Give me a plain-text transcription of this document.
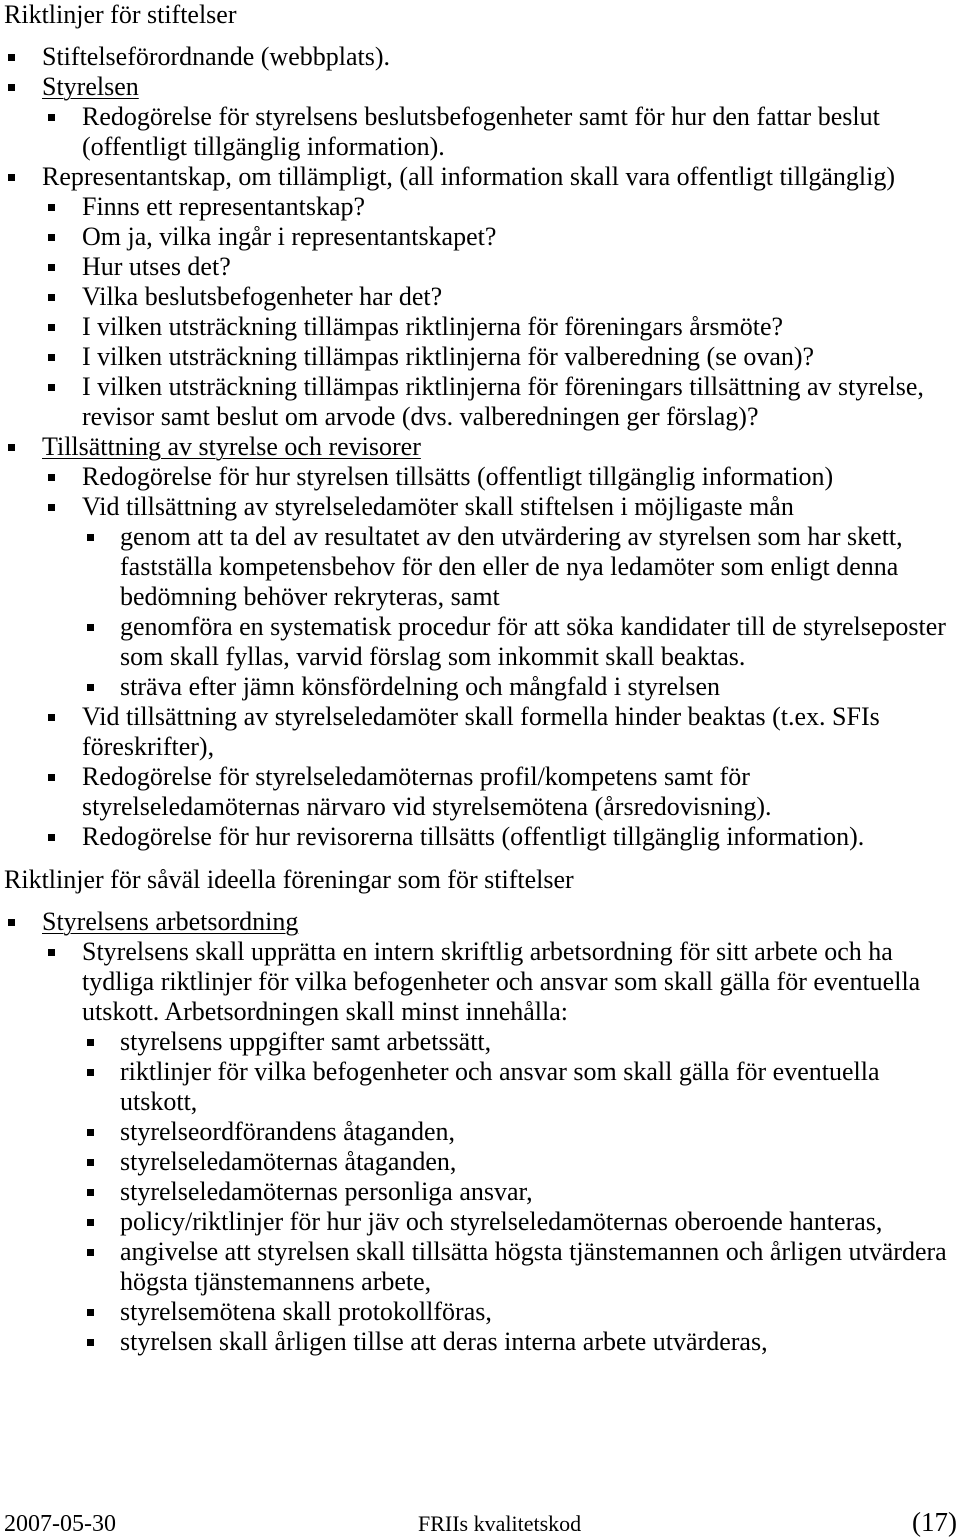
Riktlinjer för stiftelser
Stiftelseförordnande (webbplats).
Styrelsen
Redogörelse för styrelsens beslutsbefogenheter samt för hur den fattar beslut
(offentligt tillgänglig information).
Representantskap, om tillämpligt, (all information skall vara offentligt tillgänglig)
Finns ett representantskap?
Om ja, vilka ingår i representantskapet?
Hur utses det?
Vilka beslutsbefogenheter har det?
I vilken utsträckning tillämpas riktlinjerna för föreningars årsmöte?
I vilken utsträckning tillämpas riktlinjerna för valberedning (se ovan)?
I vilken utsträckning tillämpas riktlinjerna för föreningars tillsättning av styrelse,
revisor samt beslut om arvode (dvs. valberedningen ger förslag)?
Tillsättning av styrelse och revisorer
Redogörelse för hur styrelsen tillsätts (offentligt tillgänglig information)
Vid tillsättning av styrelseledamöter skall stiftelsen i möjligaste mån
genom att ta del av resultatet av den utvärdering av styrelsen som har skett,
fastställa kompetensbehov för den eller de nya ledamöter som enligt denna
bedömning behöver rekryteras, samt
genomföra en systematisk procedur för att söka kandidater till de styrelseposter
som skall fyllas, varvid förslag som inkommit skall beaktas.
sträva efter jämn könsfördelning och mångfald i styrelsen
Vid tillsättning av styrelseledamöter skall formella hinder beaktas (t.ex. SFIs
föreskrifter),
Redogörelse för styrelseledamöternas profil/kompetens samt för
styrelseledamöternas närvaro vid styrelsemötena (årsredovisning).
Redogörelse för hur revisorerna tillsätts (offentligt tillgänglig information).
Riktlinjer för såväl ideella föreningar som för stiftelser
Styrelsens arbetsordning
Styrelsens skall upprätta en intern skriftlig arbetsordning för sitt arbete och ha
tydliga riktlinjer för vilka befogenheter och ansvar som skall gälla för eventuella
utskott. Arbetsordningen skall minst innehålla:
styrelsens uppgifter samt arbetssätt,
riktlinjer för vilka befogenheter och ansvar som skall gälla för eventuella
utskott,
styrelseordförandens åtaganden,
styrelseledamöternas åtaganden,
styrelseledamöternas personliga ansvar,
policy/riktlinjer för hur jäv och styrelseledamöternas oberoende hanteras,
angivelse att styrelsen skall tillsätta högsta tjänstemannen och årligen utvärdera
högsta tjänstemannens arbete,
styrelsemötena skall protokollföras,
styrelsen skall årligen tillse att deras interna arbete utvärderas,
2007-05-30	FRIIs kvalitetskod	(17)
